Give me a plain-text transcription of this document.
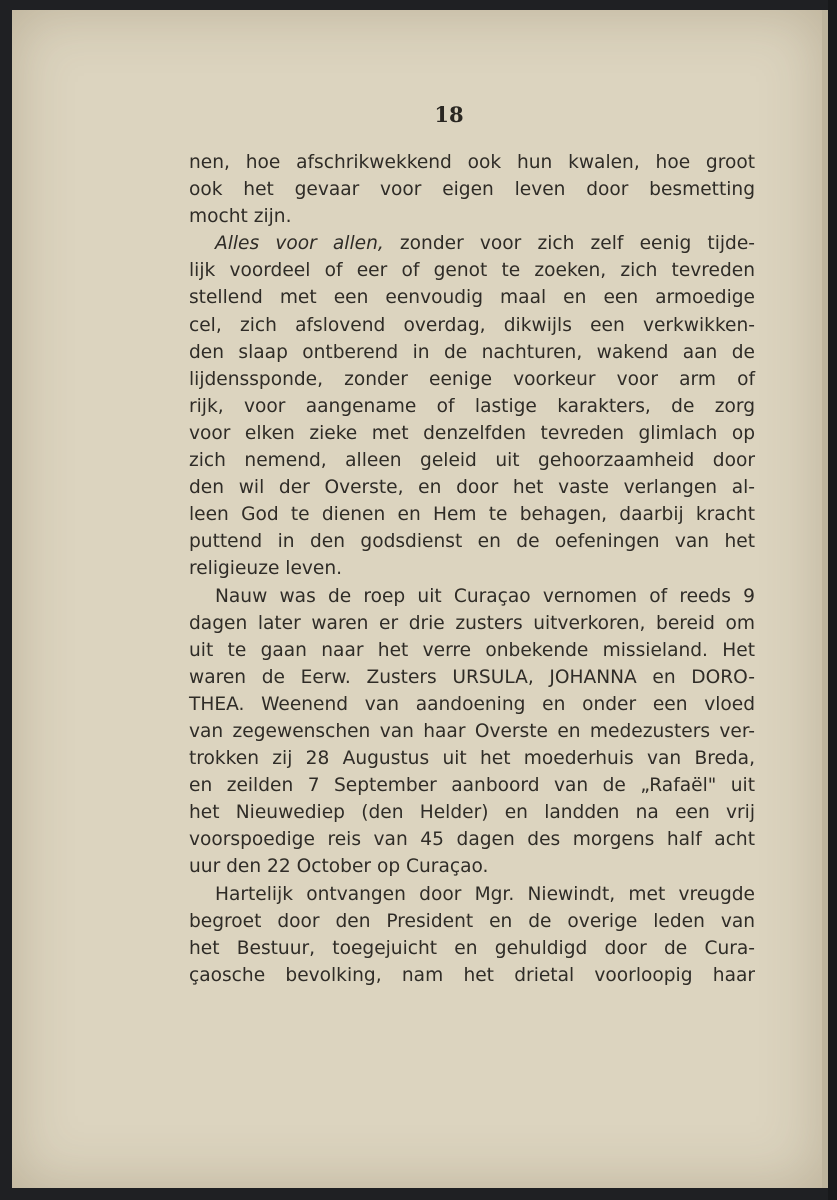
18
nen, hoe afschrikwekkend ook hun kwalen, hoe groot
ook het gevaar voor eigen leven door besmetting
mocht zijn.
Alles voor allen, zonder voor zich zelf eenig tijde-
lijk voordeel of eer of genot te zoeken, zich tevreden
stellend met een eenvoudig maal en een armoedige
cel, zich afslovend overdag, dikwijls een verkwikken-
den slaap ontberend in de nachturen, wakend aan de
lijdenssponde, zonder eenige voorkeur voor arm of
rijk, voor aangename of lastige karakters, de zorg
voor elken zieke met denzelfden tevreden glimlach op
zich nemend, alleen geleid uit gehoorzaamheid door
den wil der Overste, en door het vaste verlangen al-
leen God te dienen en Hem te behagen, daarbij kracht
puttend in den godsdienst en de oefeningen van het
religieuze leven.
Nauw was de roep uit Curaçao vernomen of reeds 9
dagen later waren er drie zusters uitverkoren, bereid om
uit te gaan naar het verre onbekende missieland. Het
waren de Eerw. Zusters URSULA, JOHANNA en DORO-
THEA. Weenend van aandoening en onder een vloed
van zegewenschen van haar Overste en medezusters ver-
trokken zij 28 Augustus uit het moederhuis van Breda,
en zeilden 7 September aanboord van de „Rafaël" uit
het Nieuwediep (den Helder) en landden na een vrij
voorspoedige reis van 45 dagen des morgens half acht
uur den 22 October op Curaçao.
Hartelijk ontvangen door Mgr. Niewindt, met vreugde
begroet door den President en de overige leden van
het Bestuur, toegejuicht en gehuldigd door de Cura-
çaosche bevolking, nam het drietal voorloopig haar
